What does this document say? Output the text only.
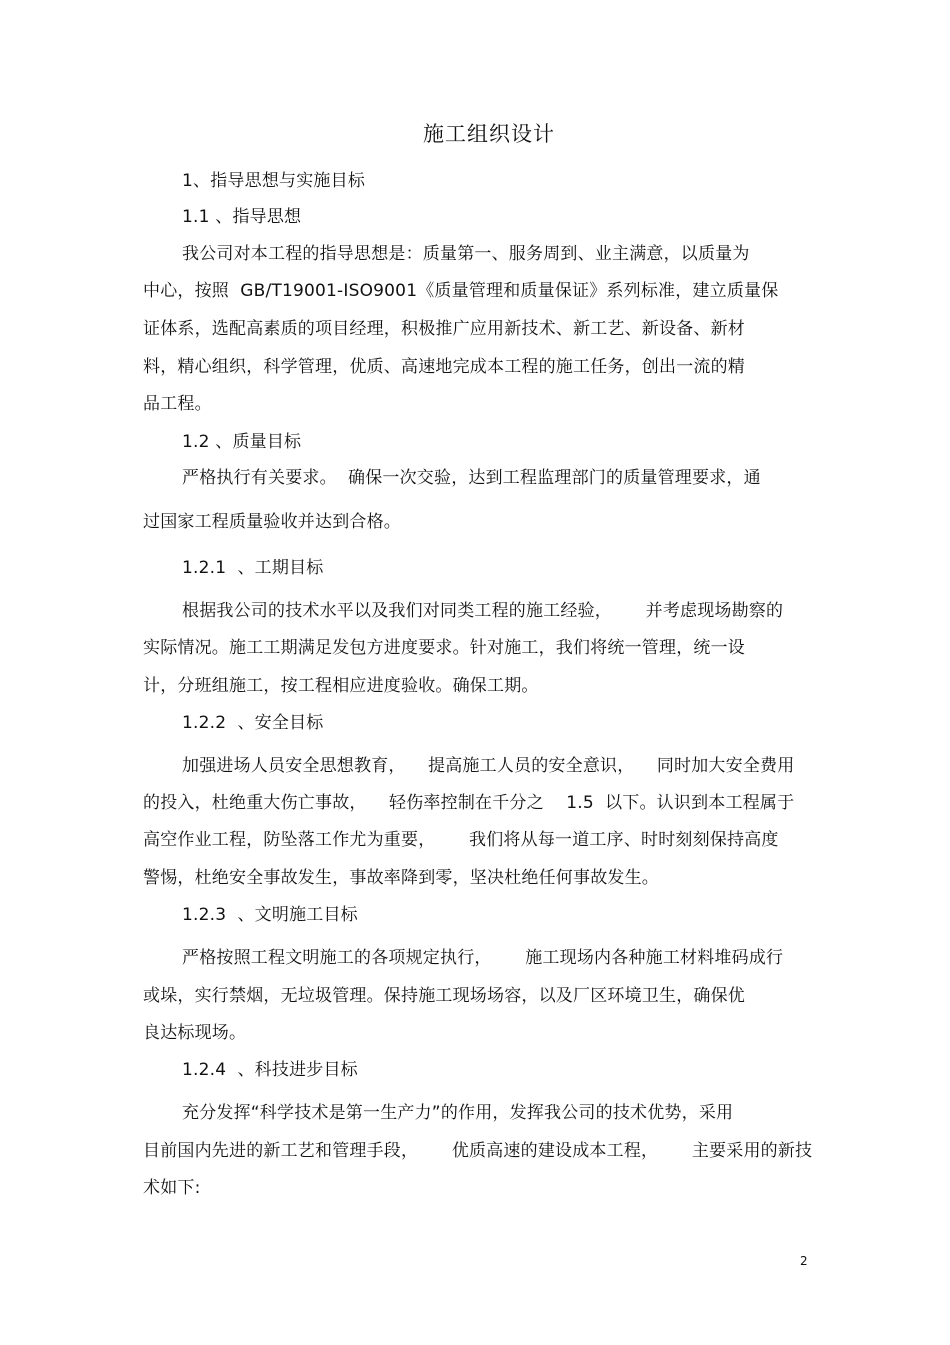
施工组织设计
1、指导思想与实施目标
1.1 、指导思想
我公司对本工程的指导思想是：质量第一、服务周到、业主满意，以质量为
中心，按照  GB/T19001-ISO9001《质量管理和质量保证》系列标准，建立质量保
证体系，选配高素质的项目经理，积极推广应用新技术、新工艺、新设备、新材
料，精心组织，科学管理，优质、高速地完成本工程的施工任务，创出一流的精
品工程。
1.2 、质量目标
严格执行有关要求。  确保一次交验，达到工程监理部门的质量管理要求，通
过国家工程质量验收并达到合格。
1.2.1  、工期目标
根据我公司的技术水平以及我们对同类工程的施工经验，      并考虑现场勘察的
实际情况。施工工期满足发包方进度要求。针对施工，我们将统一管理，统一设
计，分班组施工，按工程相应进度验收。确保工期。
1.2.2  、安全目标
加强进场人员安全思想教育，    提高施工人员的安全意识，    同时加大安全费用
的投入，杜绝重大伤亡事故，    轻伤率控制在千分之    1.5  以下。认识到本工程属于
高空作业工程，防坠落工作尤为重要，      我们将从每一道工序、时时刻刻保持高度
警惕，杜绝安全事故发生，事故率降到零，坚决杜绝任何事故发生。
1.2.3  、文明施工目标
严格按照工程文明施工的各项规定执行，      施工现场内各种施工材料堆码成行
或垛，实行禁烟，无垃圾管理。保持施工现场场容，以及厂区环境卫生，确保优
良达标现场。
1.2.4  、科技进步目标
充分发挥“科学技术是第一生产力”的作用，发挥我公司的技术优势，采用
目前国内先进的新工艺和管理手段，      优质高速的建设成本工程，      主要采用的新技
术如下:
2
